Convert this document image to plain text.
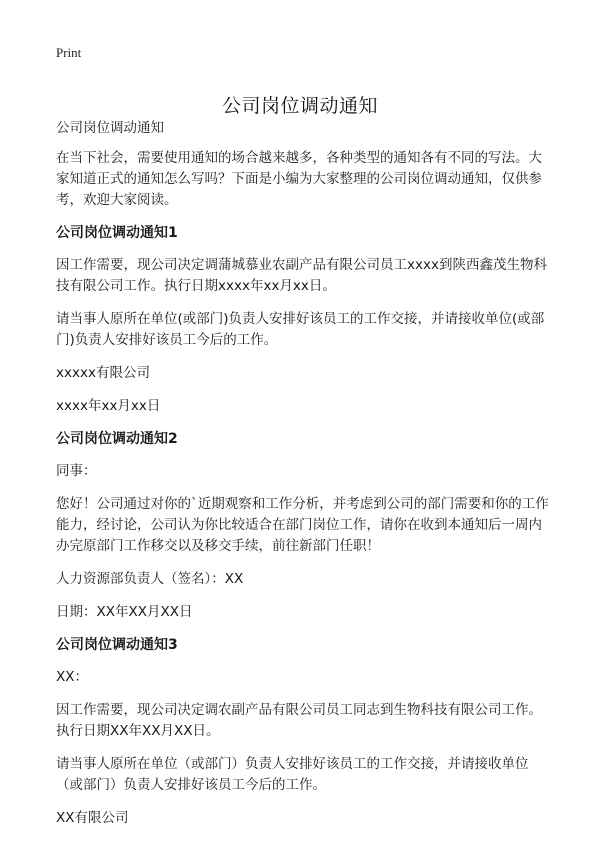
Print
公司岗位调动通知

公司岗位调动通知

在当下社会，需要使用通知的场合越来越多，各种类型的通知各有不同的写法。大家知道正式的通知怎么写吗？下面是小编为大家整理的公司岗位调动通知，仅供参考，欢迎大家阅读。

公司岗位调动通知1

因工作需要，现公司决定调蒲城慕业农副产品有限公司员工xxxx到陕西鑫茂生物科技有限公司工作。执行日期xxxx年xx月xx日。

请当事人原所在单位(或部门)负责人安排好该员工的工作交接，并请接收单位(或部门)负责人安排好该员工今后的工作。

xxxxx有限公司

xxxx年xx月xx日

公司岗位调动通知2

同事：

您好！公司通过对你的`近期观察和工作分析，并考虑到公司的部门需要和你的工作能力，经讨论，公司认为你比较适合在部门岗位工作，请你在收到本通知后一周内办完原部门工作移交以及移交手续，前往新部门任职！

人力资源部负责人（签名）：XX

日期：XX年XX月XX日

公司岗位调动通知3

XX：

因工作需要，现公司决定调农副产品有限公司员工同志到生物科技有限公司工作。执行日期XX年XX月XX日。

请当事人原所在单位（或部门）负责人安排好该员工的工作交接，并请接收单位（或部门）负责人安排好该员工今后的工作。

XX有限公司
